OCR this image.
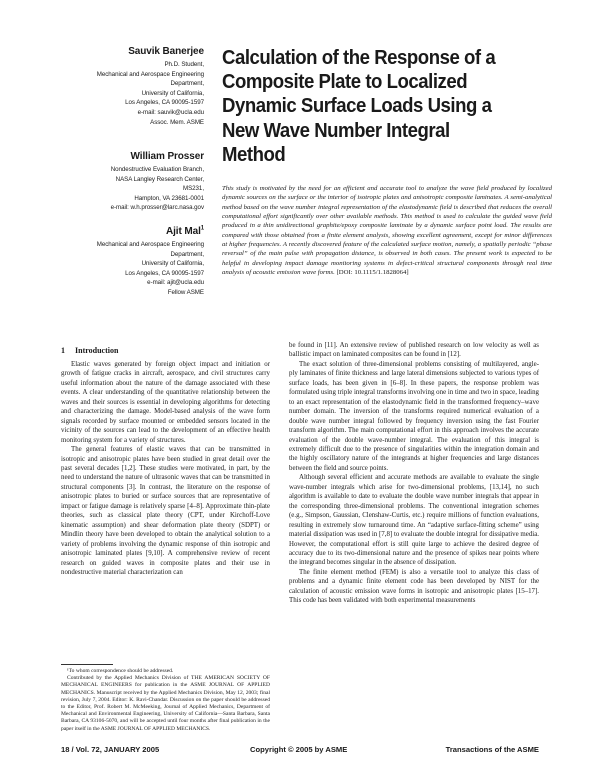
Sauvik Banerjee
Ph.D. Student,
Mechanical and Aerospace Engineering
Department,
University of California,
Los Angeles, CA 90095-1597
e-mail: sauvik@ucla.edu
Assoc. Mem. ASME
William Prosser
Nondestructive Evaluation Branch,
NASA Langley Research Center,
MS231,
Hampton, VA 23681-0001
e-mail: w.h.prosser@larc.nasa.gov
Ajit Mal$^1$
Mechanical and Aerospace Engineering
Department,
University of California,
Los Angeles, CA 90095-1597
e-mail: ajit@ucla.edu
Fellow ASME
Calculation of the Response of a
Composite Plate to Localized
Dynamic Surface Loads Using a
New Wave Number Integral
Method

This study is motivated by the need for an efficient and accurate tool to analyze the wave field produced by localized dynamic sources on the surface or the interior of isotropic plates and anisotropic composite laminates. A semi-analytical method based on the wave number integral representation of the elastodynamic field is described that reduces the overall computational effort significantly over other available methods. This method is used to calculate the guided wave field produced in a thin unidirectional graphite/epoxy composite laminate by a dynamic surface point load. The results are compared with those obtained from a finite element analysis, showing excellent agreement, except for minor differences at higher frequencies. A recently discovered feature of the calculated surface motion, namely, a spatially periodic “phase reversal” of the main pulse with propagation distance, is observed in both cases. The present work is expected to be helpful in developing impact damage monitoring systems in defect-critical structural components through real time analysis of acoustic emission wave forms. [DOI: 10.1115/1.1828064]

1 Introduction

Elastic waves generated by foreign object impact and initiation or growth of fatigue cracks in aircraft, aerospace, and civil structures carry useful information about the nature of the damage associated with these events. A clear understanding of the quantitative relationship between the waves and their sources is essential in developing algorithms for detecting and characterizing the damage. Model-based analysis of the wave form signals recorded by surface mounted or embedded sensors located in the vicinity of the sources can lead to the development of an effective health monitoring system for a variety of structures.

The general features of elastic waves that can be transmitted in isotropic and anisotropic plates have been studied in great detail over the past several decades [1,2]. These studies were motivated, in part, by the need to understand the nature of ultrasonic waves that can be transmitted in structural components [3]. In contrast, the literature on the response of anisotropic plates to buried or surface sources that are representative of impact or fatigue damage is relatively sparse [4–8]. Approximate thin-plate theories, such as classical plate theory (CPT, under Kirchoff-Love kinematic assumption) and shear deformation plate theory (SDPT) or Mindlin theory have been developed to obtain the analytical solution to a variety of problems involving the dynamic response of thin isotropic and anisotropic laminated plates [9,10]. A comprehensive review of recent research on guided waves in composite plates and their use in nondestructive material characterization can

¹To whom correspondence should be addressed.

Contributed by the Applied Mechanics Division of THE AMERICAN SOCIETY OF MECHANICAL ENGINEERS for publication in the ASME JOURNAL OF APPLIED MECHANICS. Manuscript received by the Applied Mechanics Division, May 12, 2003; final revision, July 7, 2004. Editor: K. Ravi-Chandar. Discussion on the paper should be addressed to the Editor, Prof. Robert M. McMeeking, Journal of Applied Mechanics, Department of Mechanical and Environmental Engineering, University of California—Santa Barbara, Santa Barbara, CA 93106-5070, and will be accepted until four months after final publication in the paper itself in the ASME JOURNAL OF APPLIED MECHANICS.

be found in [11]. An extensive review of published research on low velocity as well as ballistic impact on laminated composites can be found in [12].

The exact solution of three-dimensional problems consisting of multilayered, angle-ply laminates of finite thickness and large lateral dimensions subjected to various types of surface loads, has been given in [6–8]. In these papers, the response problem was formulated using triple integral transforms involving one in time and two in space, leading to an exact representation of the elastodynamic field in the transformed frequency–wave number domain. The inversion of the transforms required numerical evaluation of a double wave number integral followed by frequency inversion using the fast Fourier transform algorithm. The main computational effort in this approach involves the accurate evaluation of the double wave-number integral. The evaluation of this integral is extremely difficult due to the presence of singularities within the integration domain and the highly oscillatory nature of the integrands at higher frequencies and large distances between the field and source points.

Although several efficient and accurate methods are available to evaluate the single wave-number integrals which arise for two-dimensional problems, [13,14], no such algorithm is available to date to evaluate the double wave number integrals that appear in the corresponding three-dimensional problems. The conventional integration schemes (e.g., Simpson, Gaussian, Clenshaw-Curtis, etc.) require millions of function evaluations, resulting in extremely slow turnaround time. An “adaptive surface-fitting scheme” using material dissipation was used in [7,8] to evaluate the double integral for dissipative media. However, the computational effort is still quite large to achieve the desired degree of accuracy due to its two-dimensional nature and the presence of spikes near points where the integrand becomes singular in the absence of dissipation.

The finite element method (FEM) is also a versatile tool to analyze this class of problems and a dynamic finite element code has been developed by NIST for the calculation of acoustic emission wave forms in isotropic and anisotropic plates [15–17]. This code has been validated with both experimental measurements

18 / Vol. 72, JANUARY 2005	Copyright © 2005 by ASME	Transactions of the ASME
